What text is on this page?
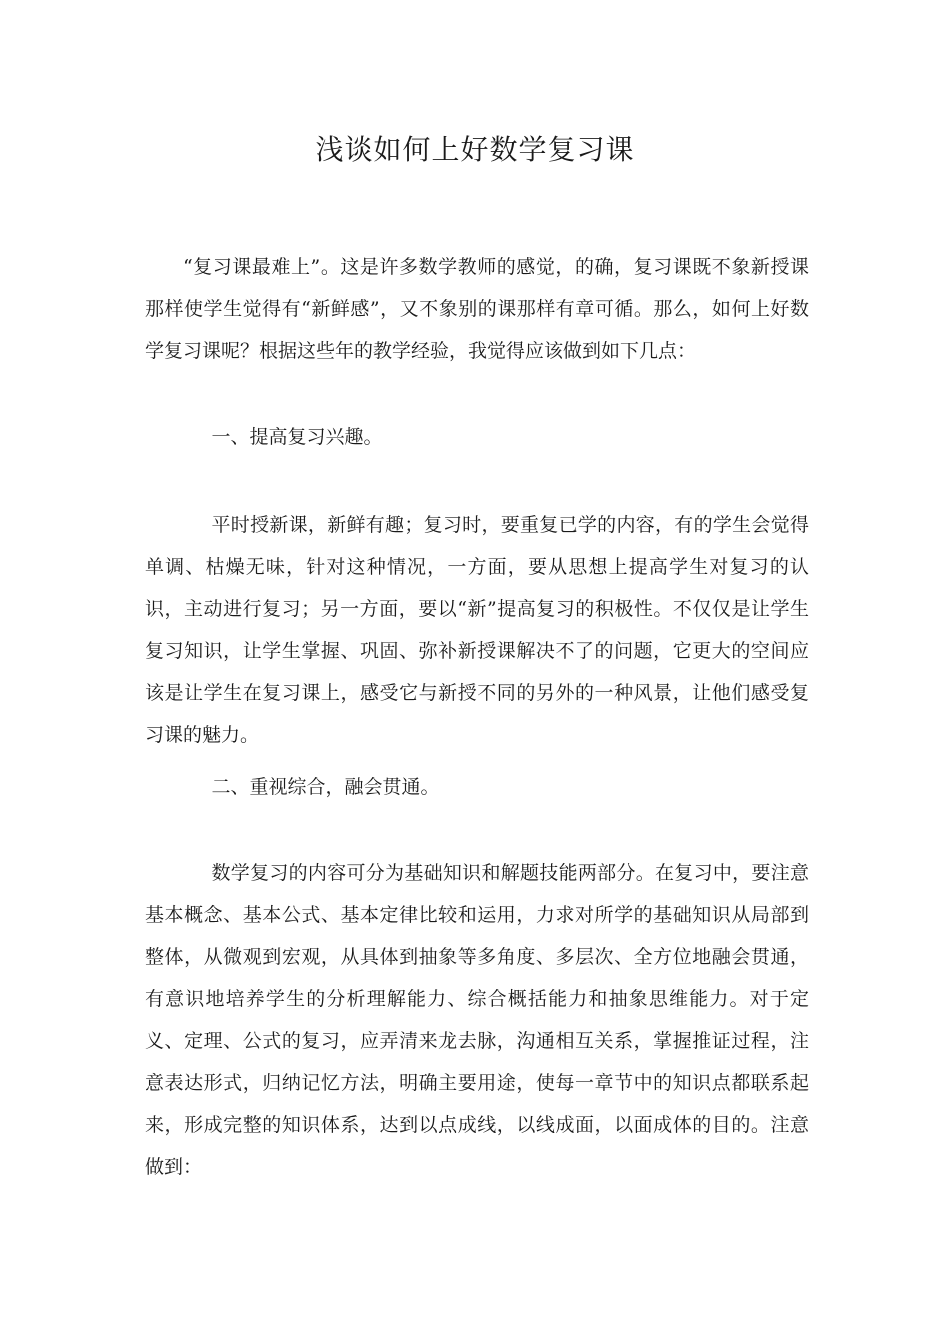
浅谈如何上好数学复习课

“复习课最难上”。这是许多数学教师的感觉，的确，复习课既不象新授课那样使学生觉得有“新鲜感”，又不象别的课那样有章可循。那么，如何上好数学复习课呢？根据这些年的教学经验，我觉得应该做到如下几点：

一、提高复习兴趣。

平时授新课，新鲜有趣；复习时，要重复已学的内容，有的学生会觉得单调、枯燥无味，针对这种情况，一方面，要从思想上提高学生对复习的认识，主动进行复习；另一方面，要以“新”提高复习的积极性。不仅仅是让学生复习知识，让学生掌握、巩固、弥补新授课解决不了的问题，它更大的空间应该是让学生在复习课上，感受它与新授不同的另外的一种风景，让他们感受复习课的魅力。

二、重视综合，融会贯通。

数学复习的内容可分为基础知识和解题技能两部分。在复习中，要注意基本概念、基本公式、基本定律比较和运用，力求对所学的基础知识从局部到整体，从微观到宏观，从具体到抽象等多角度、多层次、全方位地融会贯通，有意识地培养学生的分析理解能力、综合概括能力和抽象思维能力。对于定义、定理、公式的复习，应弄清来龙去脉，沟通相互关系，掌握推证过程，注意表达形式，归纳记忆方法，明确主要用途，使每一章节中的知识点都联系起来，形成完整的知识体系，达到以点成线，以线成面，以面成体的目的。注意做到：
